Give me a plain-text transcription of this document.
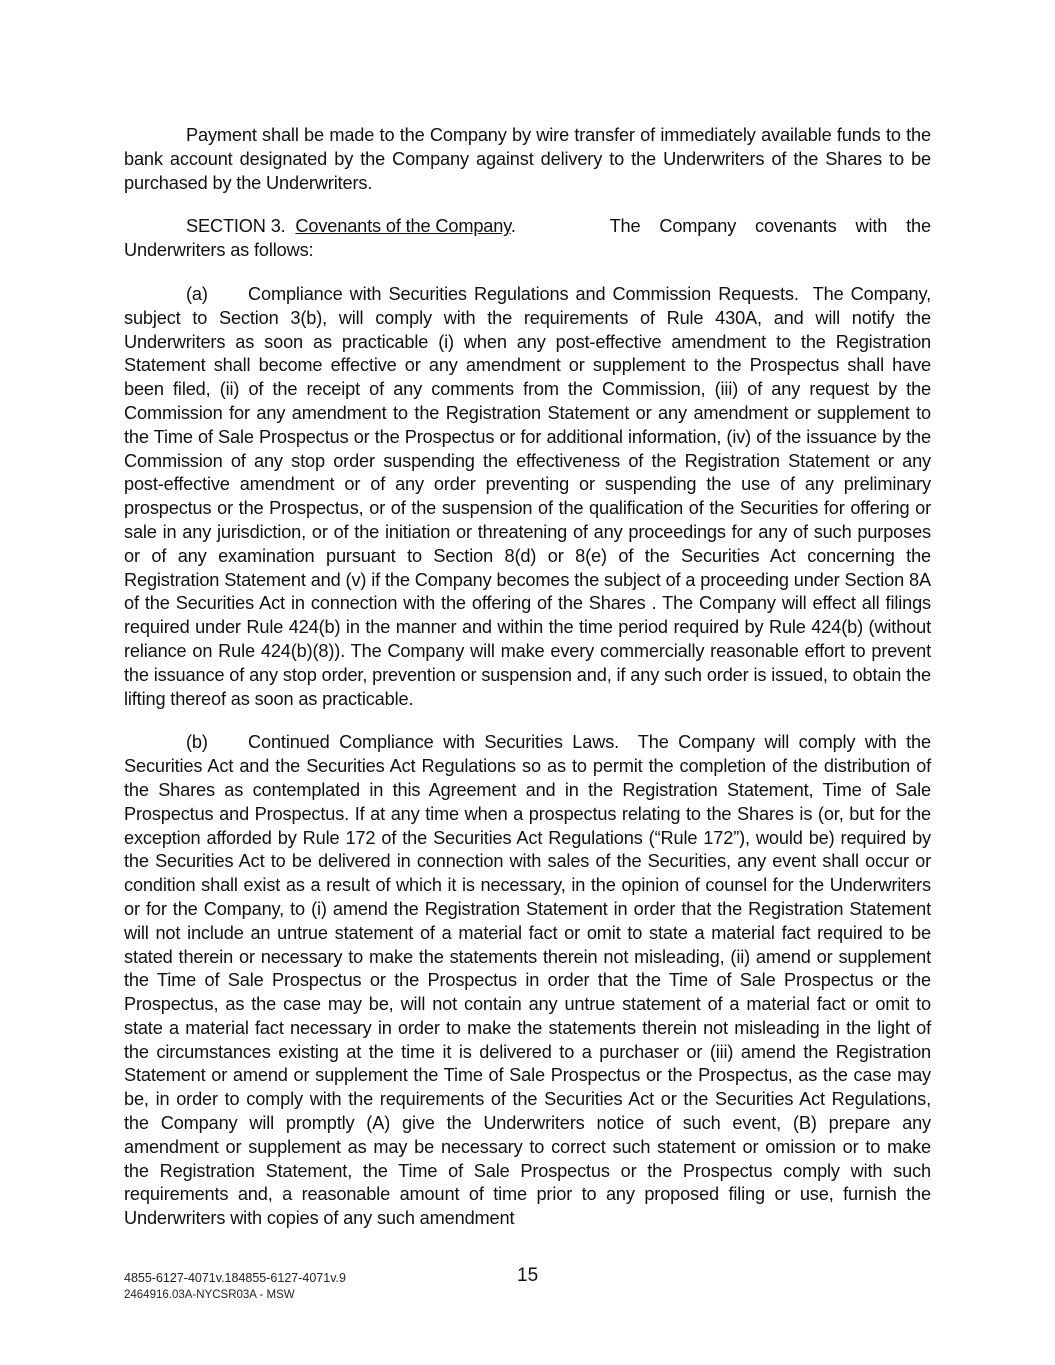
Payment shall be made to the Company by wire transfer of immediately available funds to the bank account designated by the Company against delivery to the Underwriters of the Shares to be purchased by the Underwriters.

SECTION 3. Covenants of the Company.	The Company covenants with the

Underwriters as follows:

(a) Compliance with Securities Regulations and Commission Requests. The Company, subject to Section 3(b), will comply with the requirements of Rule 430A, and will notify the Underwriters as soon as practicable (i) when any post-effective amendment to the Registration Statement shall become effective or any amendment or supplement to the Prospectus shall have been filed, (ii) of the receipt of any comments from the Commission, (iii) of any request by the Commission for any amendment to the Registration Statement or any amendment or supplement to the Time of Sale Prospectus or the Prospectus or for additional information, (iv) of the issuance by the Commission of any stop order suspending the effectiveness of the Registration Statement or any post-effective amendment or of any order preventing or suspending the use of any preliminary prospectus or the Prospectus, or of the suspension of the qualification of the Securities for offering or sale in any jurisdiction, or of the initiation or threatening of any proceedings for any of such purposes or of any examination pursuant to Section 8(d) or 8(e) of the Securities Act concerning the Registration Statement and (v) if the Company becomes the subject of a proceeding under Section 8A of the Securities Act in connection with the offering of the Shares . The Company will effect all filings required under Rule 424(b) in the manner and within the time period required by Rule 424(b) (without reliance on Rule 424(b)(8)). The Company will make every commercially reasonable effort to prevent the issuance of any stop order, prevention or suspension and, if any such order is issued, to obtain the lifting thereof as soon as practicable.

(b) Continued Compliance with Securities Laws. The Company will comply with the Securities Act and the Securities Act Regulations so as to permit the completion of the distribution of the Shares as contemplated in this Agreement and in the Registration Statement, Time of Sale Prospectus and Prospectus. If at any time when a prospectus relating to the Shares is (or, but for the exception afforded by Rule 172 of the Securities Act Regulations (“Rule 172”), would be) required by the Securities Act to be delivered in connection with sales of the Securities, any event shall occur or condition shall exist as a result of which it is necessary, in the opinion of counsel for the Underwriters or for the Company, to (i) amend the Registration Statement in order that the Registration Statement will not include an untrue statement of a material fact or omit to state a material fact required to be stated therein or necessary to make the statements therein not misleading, (ii) amend or supplement the Time of Sale Prospectus or the Prospectus in order that the Time of Sale Prospectus or the Prospectus, as the case may be, will not contain any untrue statement of a material fact or omit to state a material fact necessary in order to make the statements therein not misleading in the light of the circumstances existing at the time it is delivered to a purchaser or (iii) amend the Registration Statement or amend or supplement the Time of Sale Prospectus or the Prospectus, as the case may be, in order to comply with the requirements of the Securities Act or the Securities Act Regulations, the Company will promptly (A) give the Underwriters notice of such event, (B) prepare any amendment or supplement as may be necessary to correct such statement or omission or to make the Registration Statement, the Time of Sale Prospectus or the Prospectus comply with such requirements and, a reasonable amount of time prior to any proposed filing or use, furnish the Underwriters with copies of any such amendment

4855-6127-4071v.184855-6127-4071v.9
2464916.03A-NYCSR03A - MSW
15
